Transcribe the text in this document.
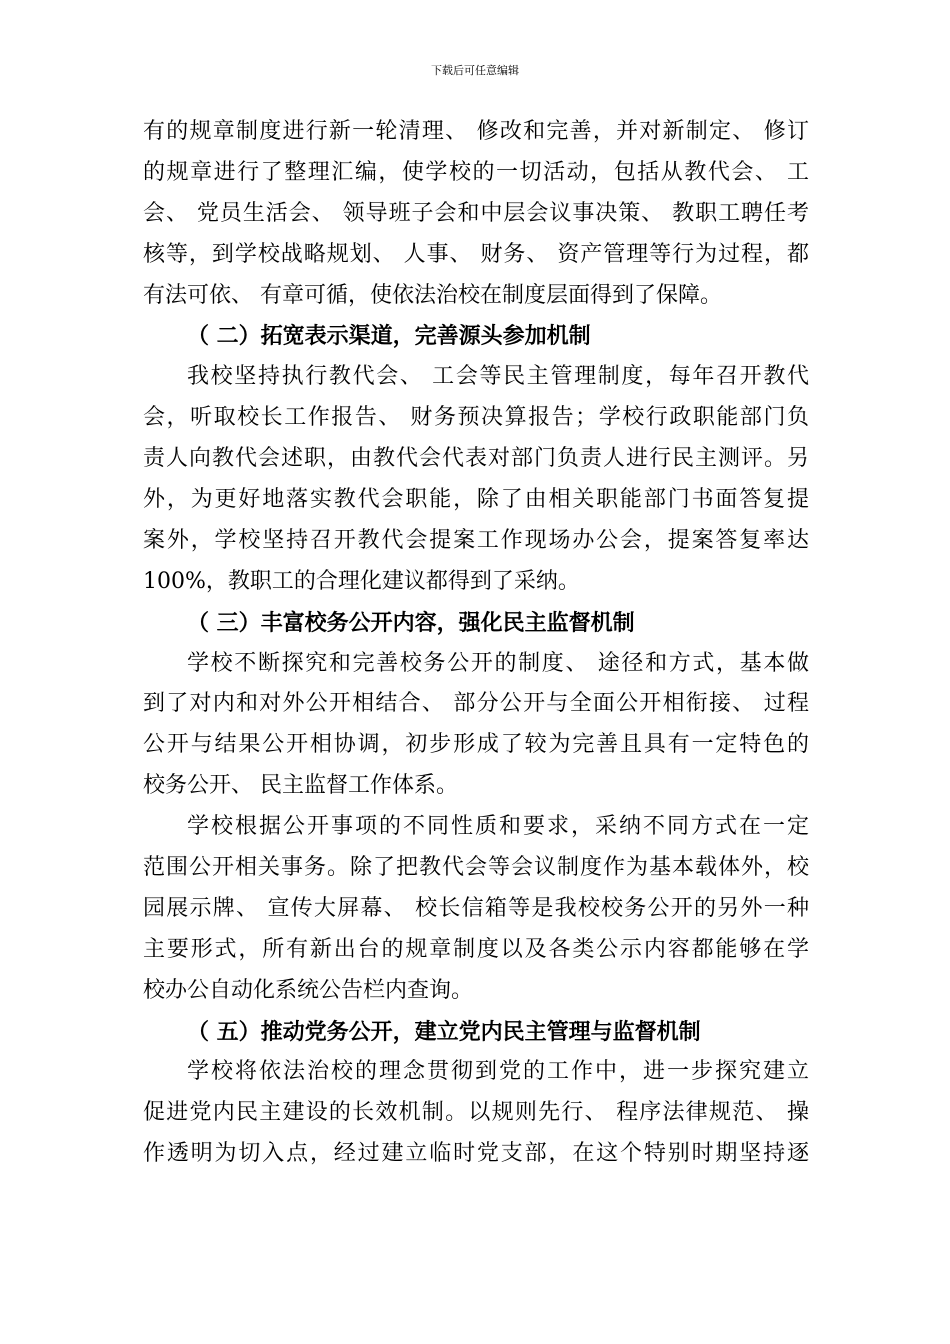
下载后可任意编辑
有的规章制度进行新一轮清理、 修改和完善，并对新制定、 修订
的规章进行了整理汇编，使学校的一切活动，包括从教代会、 工
会、 党员生活会、 领导班子会和中层会议事决策、 教职工聘任考
核等，到学校战略规划、 人事、 财务、 资产管理等行为过程，都
有法可依、 有章可循，使依法治校在制度层面得到了保障。
（ 二）拓宽表示渠道，完善源头参加机制
我校坚持执行教代会、 工会等民主管理制度，每年召开教代
会，听取校长工作报告、 财务预决算报告；学校行政职能部门负
责人向教代会述职，由教代会代表对部门负责人进行民主测评。另
外，为更好地落实教代会职能，除了由相关职能部门书面答复提
案外，学校坚持召开教代会提案工作现场办公会，提案答复率达
100%，教职工的合理化建议都得到了采纳。
（ 三）丰富校务公开内容，强化民主监督机制
学校不断探究和完善校务公开的制度、 途径和方式，基本做
到了对内和对外公开相结合、 部分公开与全面公开相衔接、 过程
公开与结果公开相协调，初步形成了较为完善且具有一定特色的
校务公开、 民主监督工作体系。
学校根据公开事项的不同性质和要求，采纳不同方式在一定
范围公开相关事务。除了把教代会等会议制度作为基本载体外，校
园展示牌、 宣传大屏幕、 校长信箱等是我校校务公开的另外一种
主要形式，所有新出台的规章制度以及各类公示内容都能够在学
校办公自动化系统公告栏内查询。
（ 五）推动党务公开，建立党内民主管理与监督机制
学校将依法治校的理念贯彻到党的工作中，进一步探究建立
促进党内民主建设的长效机制。以规则先行、 程序法律规范、 操
作透明为切入点，经过建立临时党支部，在这个特别时期坚持逐
